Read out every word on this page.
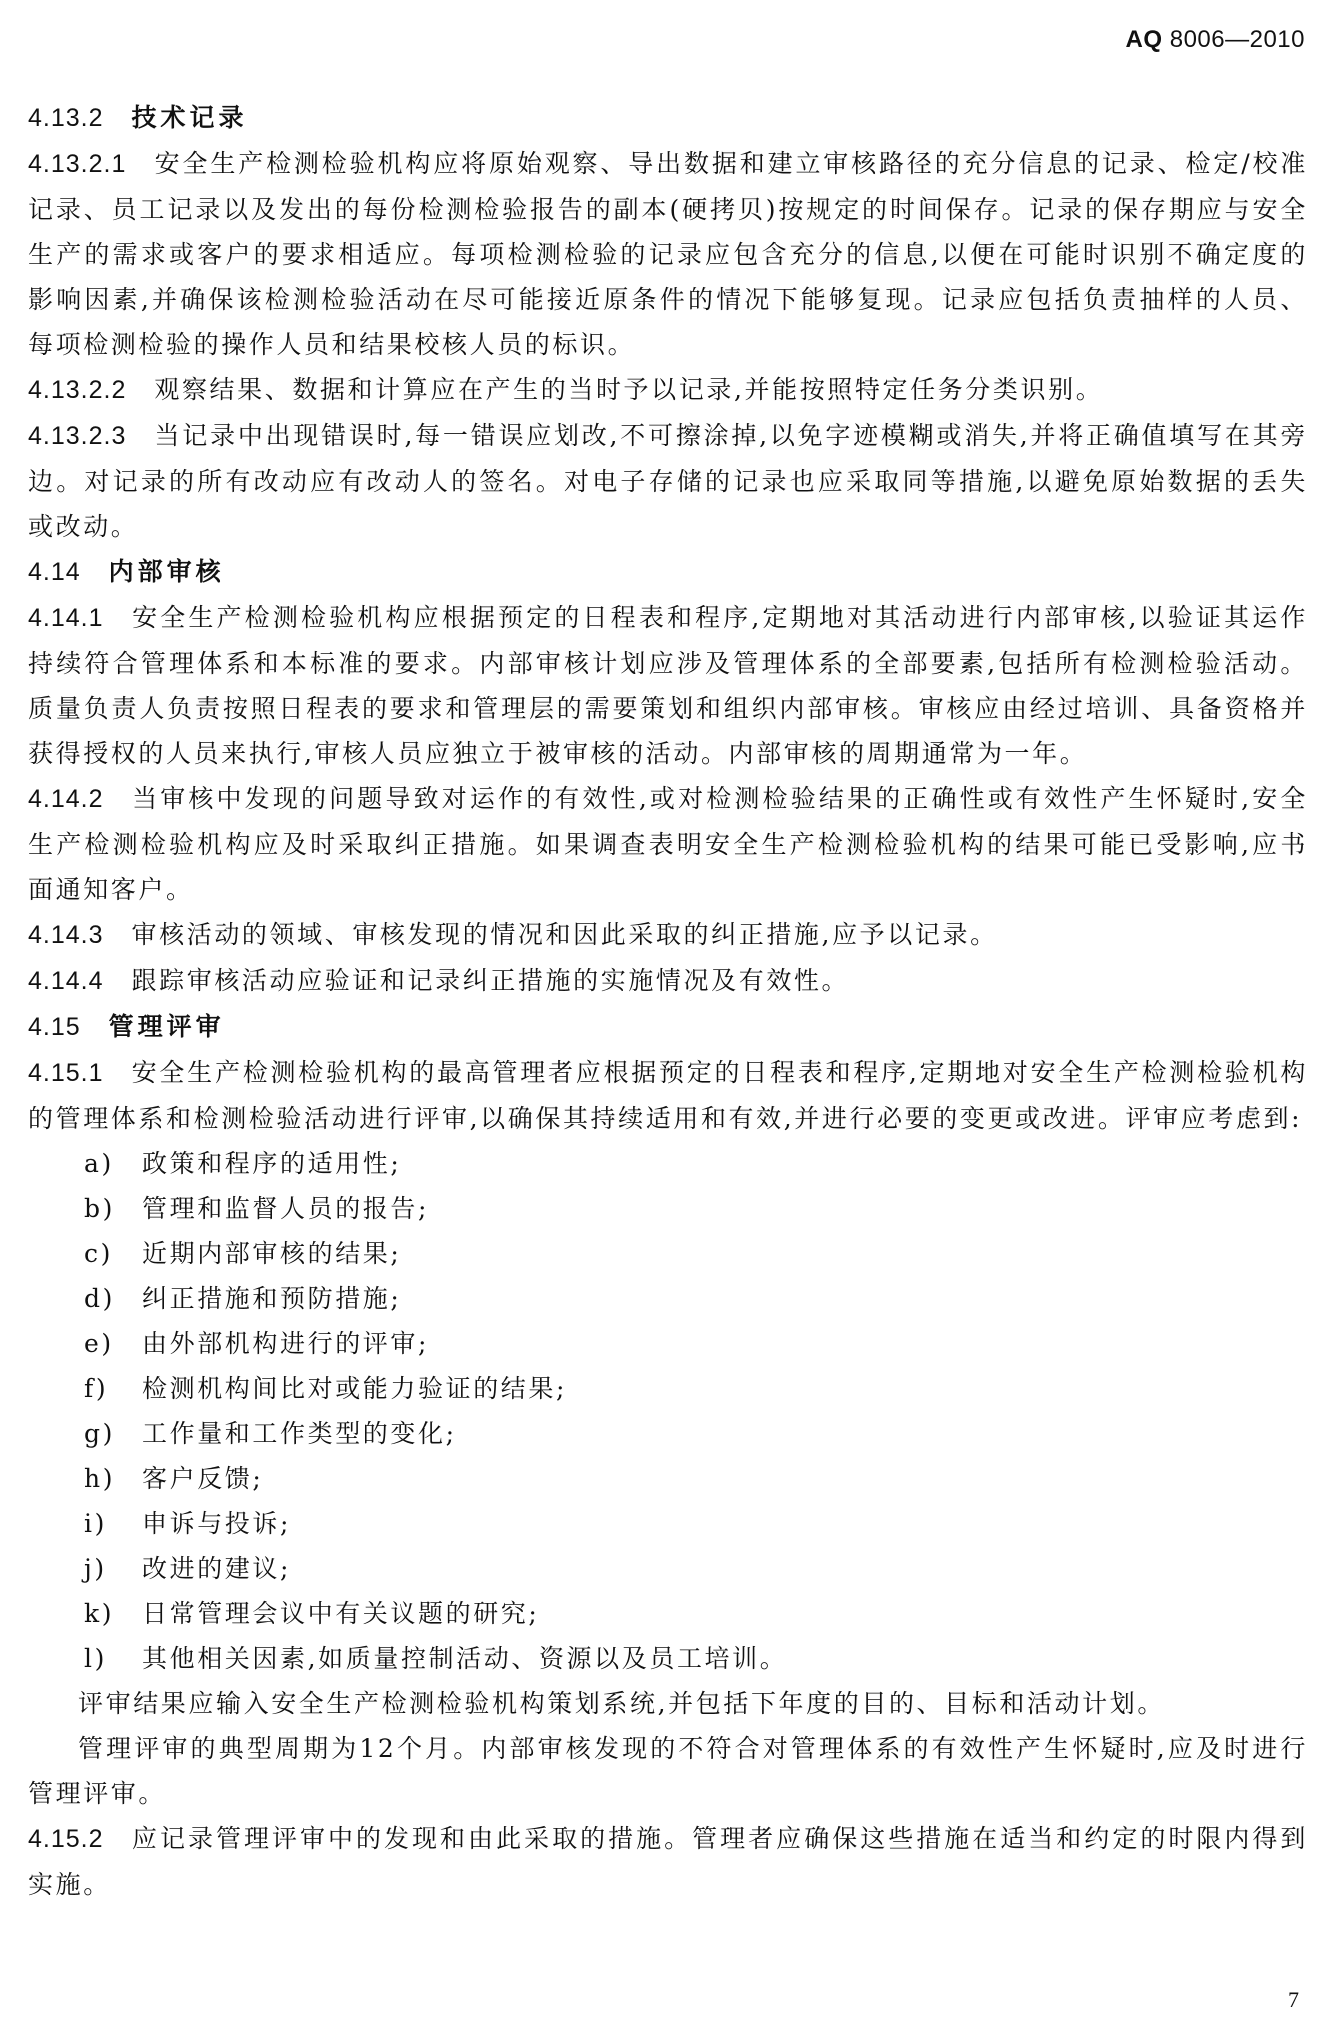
AQ 8006—2010

4.13.2 技术记录

4.13.2.1 安全生产检测检验机构应将原始观察、导出数据和建立审核路径的充分信息的记录、检定/校准记录、员工记录以及发出的每份检测检验报告的副本(硬拷贝)按规定的时间保存。记录的保存期应与安全生产的需求或客户的要求相适应。每项检测检验的记录应包含充分的信息,以便在可能时识别不确定度的影响因素,并确保该检测检验活动在尽可能接近原条件的情况下能够复现。记录应包括负责抽样的人员、每项检测检验的操作人员和结果校核人员的标识。

4.13.2.2 观察结果、数据和计算应在产生的当时予以记录,并能按照特定任务分类识别。

4.13.2.3 当记录中出现错误时,每一错误应划改,不可擦涂掉,以免字迹模糊或消失,并将正确值填写在其旁边。对记录的所有改动应有改动人的签名。对电子存储的记录也应采取同等措施,以避免原始数据的丢失或改动。

4.14 内部审核

4.14.1 安全生产检测检验机构应根据预定的日程表和程序,定期地对其活动进行内部审核,以验证其运作持续符合管理体系和本标准的要求。内部审核计划应涉及管理体系的全部要素,包括所有检测检验活动。质量负责人负责按照日程表的要求和管理层的需要策划和组织内部审核。审核应由经过培训、具备资格并获得授权的人员来执行,审核人员应独立于被审核的活动。内部审核的周期通常为一年。

4.14.2 当审核中发现的问题导致对运作的有效性,或对检测检验结果的正确性或有效性产生怀疑时,安全生产检测检验机构应及时采取纠正措施。如果调查表明安全生产检测检验机构的结果可能已受影响,应书面通知客户。

4.14.3 审核活动的领域、审核发现的情况和因此采取的纠正措施,应予以记录。

4.14.4 跟踪审核活动应验证和记录纠正措施的实施情况及有效性。

4.15 管理评审

4.15.1 安全生产检测检验机构的最高管理者应根据预定的日程表和程序,定期地对安全生产检测检验机构的管理体系和检测检验活动进行评审,以确保其持续适用和有效,并进行必要的变更或改进。评审应考虑到:

a) 政策和程序的适用性;

b) 管理和监督人员的报告;

c) 近期内部审核的结果;

d) 纠正措施和预防措施;

e) 由外部机构进行的评审;

f) 检测机构间比对或能力验证的结果;

g) 工作量和工作类型的变化;

h) 客户反馈;

i) 申诉与投诉;

j) 改进的建议;

k) 日常管理会议中有关议题的研究;

l) 其他相关因素,如质量控制活动、资源以及员工培训。

评审结果应输入安全生产检测检验机构策划系统,并包括下年度的目的、目标和活动计划。

管理评审的典型周期为12个月。内部审核发现的不符合对管理体系的有效性产生怀疑时,应及时进行管理评审。

4.15.2 应记录管理评审中的发现和由此采取的措施。管理者应确保这些措施在适当和约定的时限内得到实施。

7
